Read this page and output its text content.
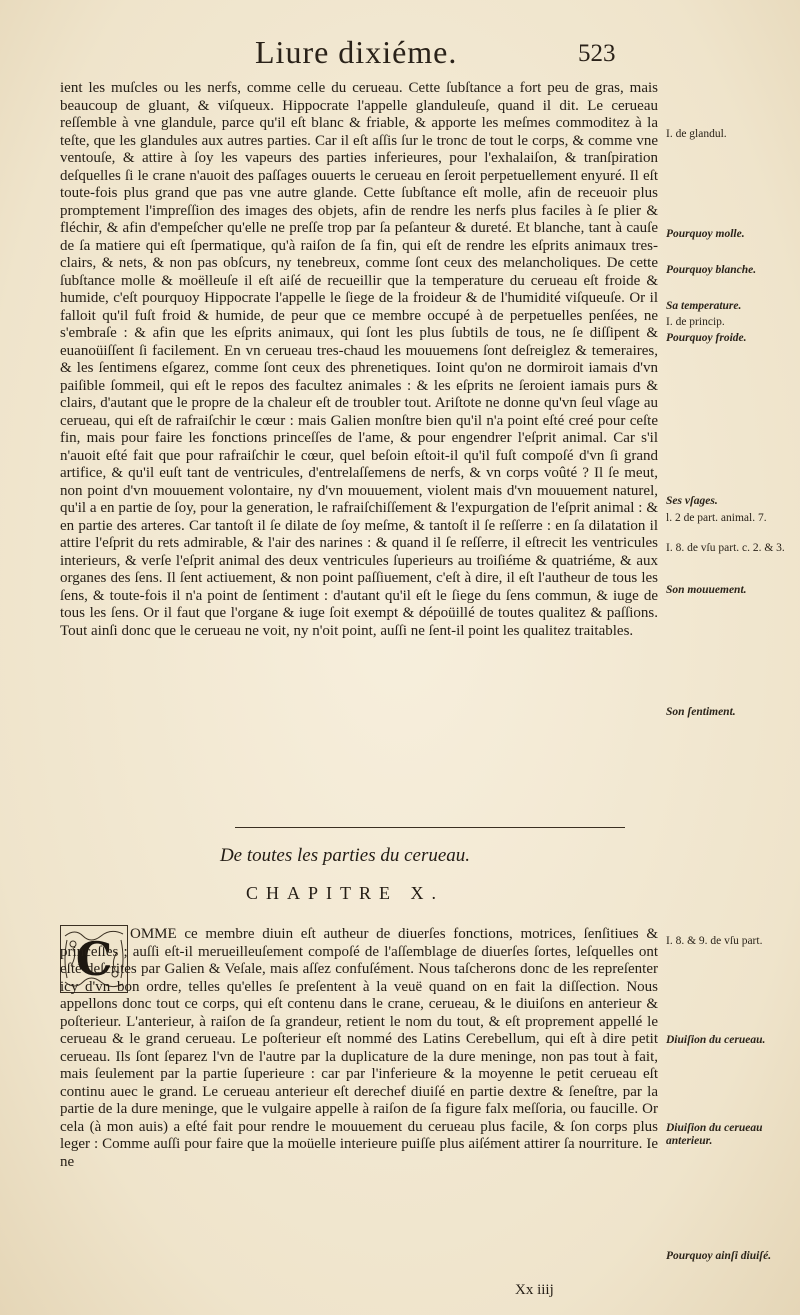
Liure dixiéme.	523

ient les muſcles ou les nerfs, comme celle du cerueau. Cette ſubſtance a fort peu de gras, mais beaucoup de gluant, & viſqueux. Hippocrate l'appelle glanduleuſe, quand il dit. Le cerueau reſſemble à vne glandule, parce qu'il eſt blanc & friable, & apporte les meſmes commoditez à la teſte, que les glandules aux autres parties. Car il eſt aſſis ſur le tronc de tout le corps, & comme vne ventouſe, & attire à ſoy les vapeurs des parties inferieures, pour l'exhalaiſon, & tranſpiration deſquelles ſi le crane n'auoit des paſſages ouuerts le cerueau en ſeroit perpetuellement enyuré. Il eſt toute-fois plus grand que pas vne autre glande. Cette ſubſtance eſt molle, afin de receuoir plus promptement l'impreſſion des images des objets, afin de rendre les nerfs plus faciles à ſe plier & fléchir, & afin d'empeſcher qu'elle ne preſſe trop par ſa peſanteur & dureté. Et blanche, tant à cauſe de ſa matiere qui eſt ſpermatique, qu'à raiſon de ſa fin, qui eſt de rendre les eſprits animaux tres-clairs, & nets, & non pas obſcurs, ny tenebreux, comme ſont ceux des melancholiques. De cette ſubſtance molle & moëlleuſe il eſt aiſé de recueillir que la temperature du cerueau eſt froide & humide, c'eſt pourquoy Hippocrate l'appelle le ſiege de la froideur & de l'humidité viſqueuſe. Or il falloit qu'il fuſt froid & humide, de peur que ce membre occupé à de perpetuelles penſées, ne s'embraſe : & afin que les eſprits animaux, qui ſont les plus ſubtils de tous, ne ſe diſſipent & euanoüiſſent ſi facilement. En vn cerueau tres-chaud les mouuemens ſont deſreiglez & temeraires, & les ſentimens eſgarez, comme ſont ceux des phrenetiques. Ioint qu'on ne dormiroit iamais d'vn paiſible ſommeil, qui eſt le repos des facultez animales : & les eſprits ne ſeroient iamais purs & clairs, d'autant que le propre de la chaleur eſt de troubler tout. Ariſtote ne donne qu'vn ſeul vſage au cerueau, qui eſt de rafraiſchir le cœur : mais Galien monſtre bien qu'il n'a point eſté creé pour ceſte fin, mais pour faire les fonctions princeſſes de l'ame, & pour engendrer l'eſprit animal. Car s'il n'auoit eſté fait que pour rafraiſchir le cœur, quel beſoin eſtoit-il qu'il fuſt compoſé d'vn ſi grand artifice, & qu'il euſt tant de ventricules, d'entrelaſſemens de nerfs, & vn corps voûté ? Il ſe meut, non point d'vn mouuement volontaire, ny d'vn mouuement, violent mais d'vn mouuement naturel, qu'il a en partie de ſoy, pour la generation, le rafraiſchiſſement & l'expurgation de l'eſprit animal : & en partie des arteres. Car tantoſt il ſe dilate de ſoy meſme, & tantoſt il ſe reſſerre : en ſa dilatation il attire l'eſprit du rets admirable, & l'air des narines : & quand il ſe reſſerre, il eſtrecit les ventricules interieurs, & verſe l'eſprit animal des deux ventricules ſuperieurs au troiſiéme & quatriéme, & aux organes des ſens. Il ſent actiuement, & non point paſſiuement, c'eſt à dire, il eſt l'autheur de tous les ſens, & toute-fois il n'a point de ſentiment : d'autant qu'il eſt le ſiege du ſens commun, & iuge de tous les ſens. Or il faut que l'organe & iuge ſoit exempt & dépoüillé de toutes qualitez & paſſions. Tout ainſi donc que le cerueau ne voit, ny n'oit point, auſſi ne ſent-il point les qualitez traitables.

De toutes les parties du cerueau.
CHAPITRE X.
C	OMME ce membre diuin eſt autheur de diuerſes fonctions, motrices, ſenſitiues & princeſſes ; auſſi eſt-il merueilleuſement compoſé de l'aſſemblage de diuerſes ſortes, leſquelles ont eſté deſcrites par Galien & Veſale, mais aſſez confuſément. Nous taſcherons donc de les repreſenter icy d'vn bon ordre, telles qu'elles ſe preſentent à la veuë quand on en fait la diſſection. Nous appellons donc tout ce corps, qui eſt contenu dans le crane, cerueau, & le diuiſons en anterieur & poſterieur. L'anterieur, à raiſon de ſa grandeur, retient le nom du tout, & eſt proprement appellé le cerueau & le grand cerueau. Le poſterieur eſt nommé des Latins Cerebellum, qui eſt à dire petit cerueau. Ils ſont ſeparez l'vn de l'autre par la duplicature de la dure meninge, non pas tout à fait, mais ſeulement par la partie ſuperieure : car par l'inferieure & la moyenne le petit cerueau eſt continu auec le grand. Le cerueau anterieur eſt derechef diuiſé en partie dextre & ſeneſtre, par la partie de la dure meninge, que le vulgaire appelle à raiſon de ſa figure falx meſſoria, ou faucille. Or cela (à mon auis) a eſté fait pour rendre le mouuement du cerueau plus facile, & ſon corps plus leger : Comme auſſi pour faire que la moüelle interieure puiſſe plus aiſément attirer ſa nourriture. Ie ne

Xx iiij
I. de glandul.
Pourquoy molle.
Pourquoy blanche.
Sa temperature.
I. de princip.
Pourquoy froide.
Ses vſages.
l. 2 de part. animal. 7.
I. 8. de vſu part. c. 2. & 3.
Son mouuement.
Son ſentiment.
I. 8. & 9. de vſu part.
Diuiſion du cerueau.
Diuiſion du cerueau anterieur.
Pourquoy ainſi diuiſé.
